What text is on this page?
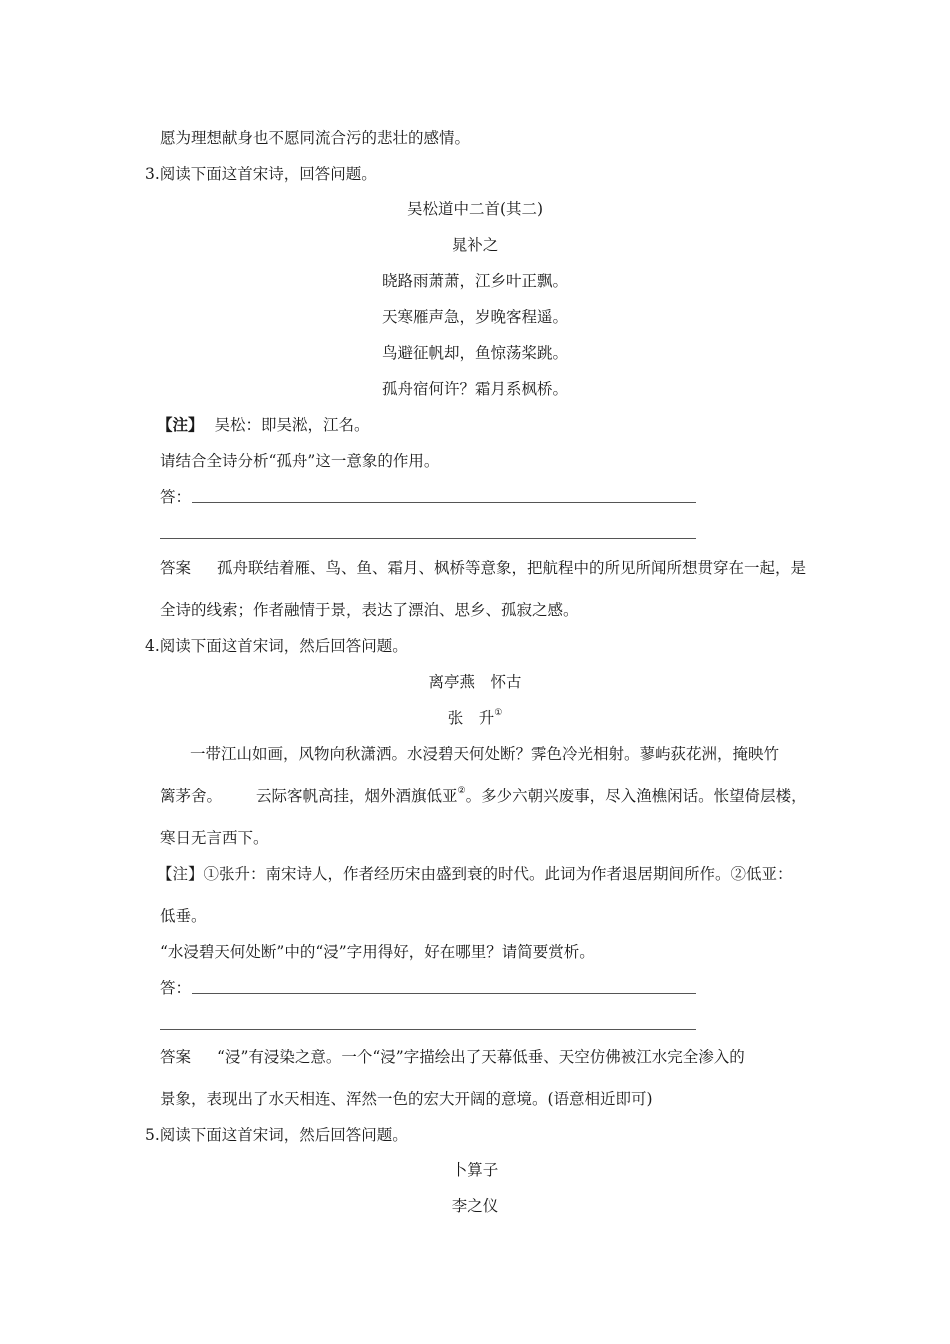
愿为理想献身也不愿同流合污的悲壮的感情。
3.阅读下面这首宋诗，回答问题。
吴松道中二首(其二)
晁补之
晓路雨萧萧，江乡叶正飘。
天寒雁声急，岁晚客程遥。
鸟避征帆却，鱼惊荡桨跳。
孤舟宿何许？霜月系枫桥。
【注】 吴松：即吴淞，江名。
请结合全诗分析“孤舟”这一意象的作用。
答：
答案 孤舟联结着雁、鸟、鱼、霜月、枫桥等意象，把航程中的所见所闻所想贯穿在一起，是
全诗的线索；作者融情于景，表达了漂泊、思乡、孤寂之感。
4.阅读下面这首宋词，然后回答问题。
离亭燕　怀古
张　升①
一带江山如画，风物向秋潇洒。水浸碧天何处断？霁色冷光相射。蓼屿荻花洲，掩映竹
篱茅舍。 云际客帆高挂，烟外酒旗低亚②。多少六朝兴废事，尽入渔樵闲话。怅望倚层楼，
寒日无言西下。
【注】①张升：南宋诗人，作者经历宋由盛到衰的时代。此词为作者退居期间所作。②低亚：
低垂。
“水浸碧天何处断”中的“浸”字用得好，好在哪里？请简要赏析。
答：
答案 “浸”有浸染之意。一个“浸”字描绘出了天幕低垂、天空仿佛被江水完全渗入的
景象，表现出了水天相连、浑然一色的宏大开阔的意境。(语意相近即可)
5.阅读下面这首宋词，然后回答问题。
卜算子
李之仪
